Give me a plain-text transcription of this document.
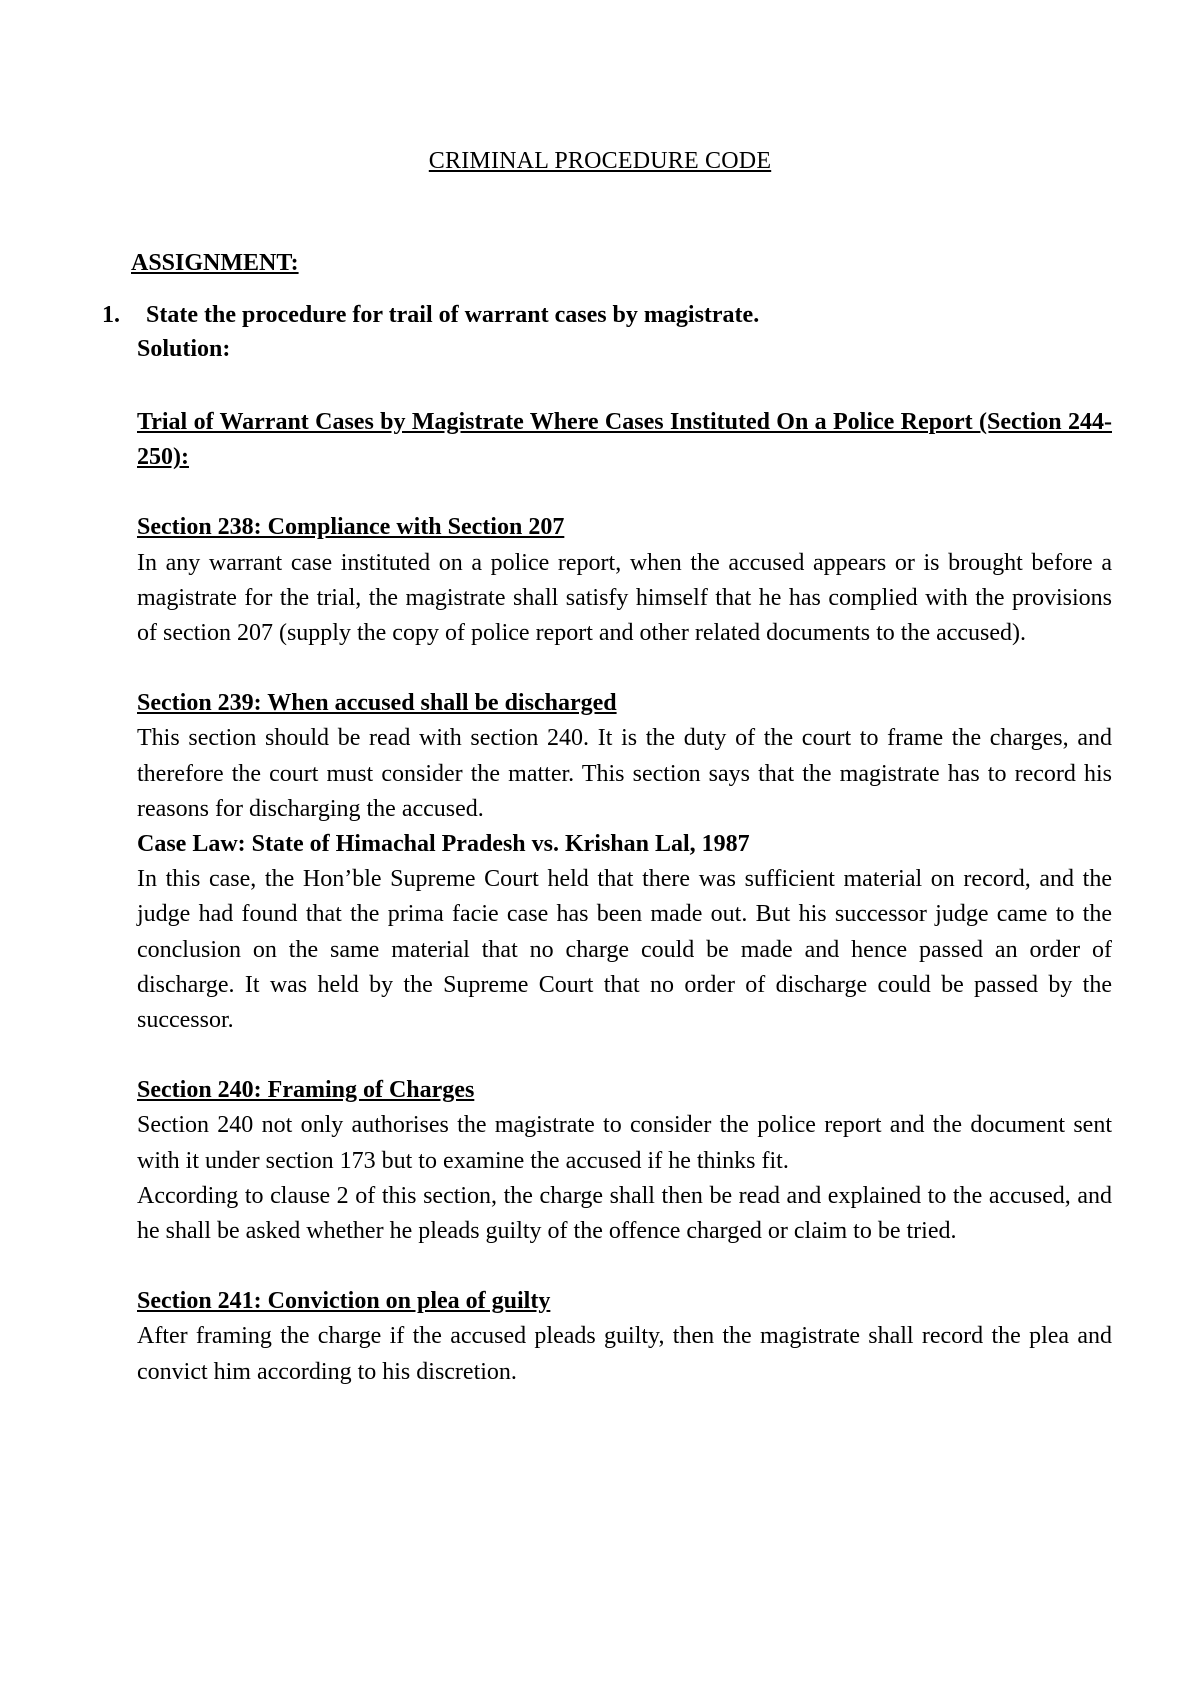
CRIMINAL PROCEDURE CODE
ASSIGNMENT:
1. State the procedure for trail of warrant cases by magistrate.
Solution:

Trial of Warrant Cases by Magistrate Where Cases Instituted On a Police Report (Section 244-250):

Section 238: Compliance with Section 207

In any warrant case instituted on a police report, when the accused appears or is brought before a magistrate for the trial, the magistrate shall satisfy himself that he has complied with the provisions of section 207 (supply the copy of police report and other related documents to the accused).

Section 239: When accused shall be discharged

This section should be read with section 240. It is the duty of the court to frame the charges, and therefore the court must consider the matter. This section says that the magistrate has to record his reasons for discharging the accused.

Case Law: State of Himachal Pradesh vs. Krishan Lal, 1987

In this case, the Hon’ble Supreme Court held that there was sufficient material on record, and the judge had found that the prima facie case has been made out. But his successor judge came to the conclusion on the same material that no charge could be made and hence passed an order of discharge. It was held by the Supreme Court that no order of discharge could be passed by the successor.

Section 240: Framing of Charges

Section 240 not only authorises the magistrate to consider the police report and the document sent with it under section 173 but to examine the accused if he thinks fit.

According to clause 2 of this section, the charge shall then be read and explained to the accused, and he shall be asked whether he pleads guilty of the offence charged or claim to be tried.

Section 241: Conviction on plea of guilty

After framing the charge if the accused pleads guilty, then the magistrate shall record the plea and convict him according to his discretion.
